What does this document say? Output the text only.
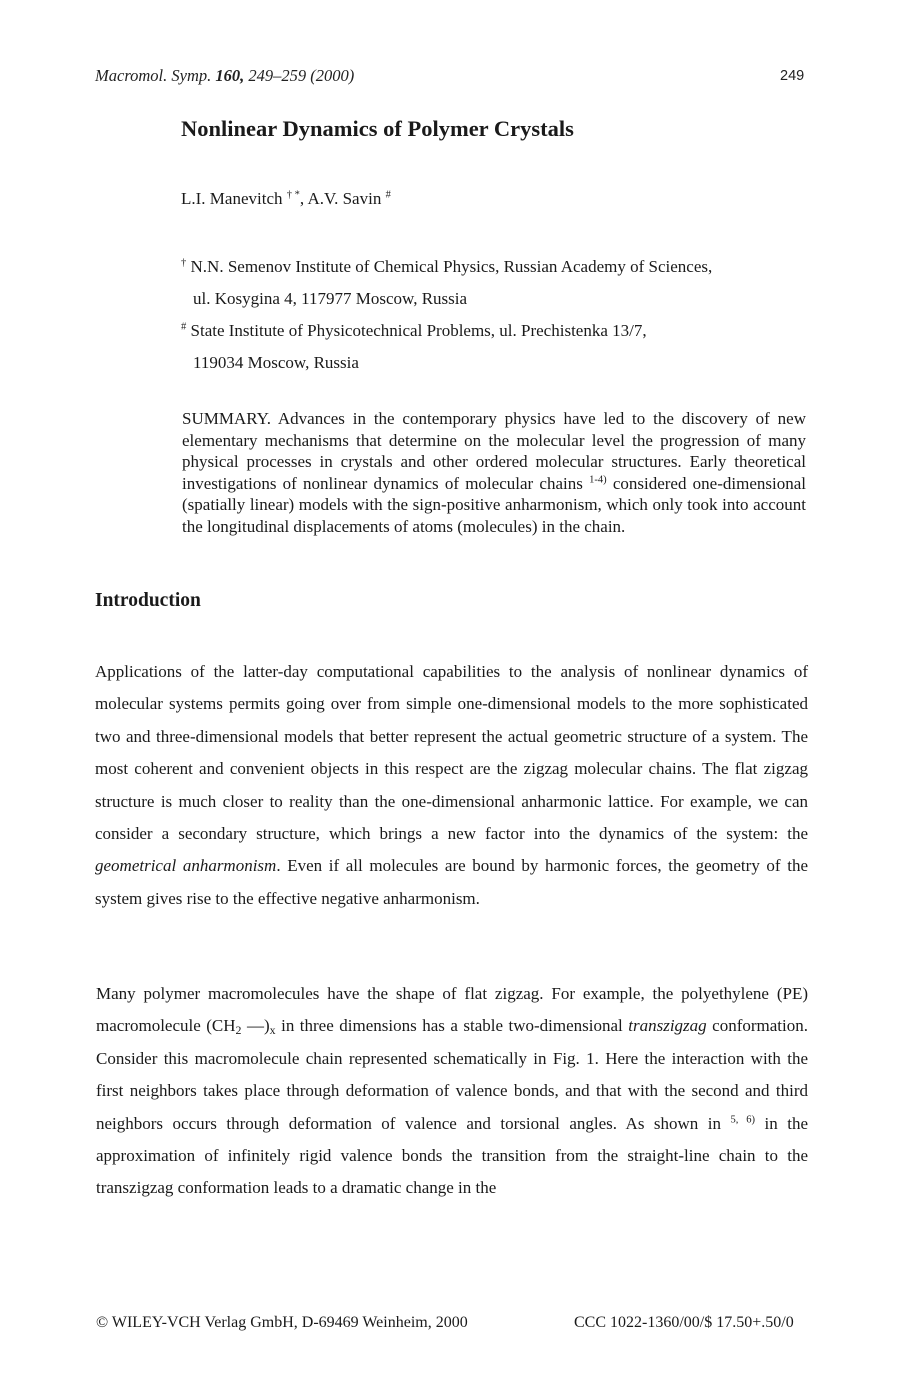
Macromol. Symp. 160, 249–259 (2000)	249
Nonlinear Dynamics of Polymer Crystals
L.I. Manevitch † *, A.V. Savin #
† N.N. Semenov Institute of Chemical Physics, Russian Academy of Sciences,
ul. Kosygina 4, 117977 Moscow, Russia
# State Institute of Physicotechnical Problems, ul. Prechistenka 13/7,
119034 Moscow, Russia
SUMMARY. Advances in the contemporary physics have led to the discovery of new elementary mechanisms that determine on the molecular level the progression of many physical processes in crystals and other ordered molecular structures. Early theoretical investigations of nonlinear dynamics of molecular chains $^{1-4)}$ considered one-dimensional (spatially linear) models with the sign-positive anharmonism, which only took into account the longitudinal displacements of atoms (molecules) in the chain.
Introduction
Applications of the latter-day computational capabilities to the analysis of nonlinear dynamics of molecular systems permits going over from simple one-dimensional models to the more sophisticated two and three-dimensional models that better represent the actual geometric structure of a system. The most coherent and convenient objects in this respect are the zigzag molecular chains. The flat zigzag structure is much closer to reality than the one-dimensional anharmonic lattice. For example, we can consider a secondary structure, which brings a new factor into the dynamics of the system: the geometrical anharmonism. Even if all molecules are bound by harmonic forces, the geometry of the system gives rise to the effective negative anharmonism.
Many polymer macromolecules have the shape of flat zigzag. For example, the polyethylene (PE) macromolecule ($CH_2$ $—)_x$ in three dimensions has a stable two-dimensional transzigzag conformation. Consider this macromolecule chain represented schematically in Fig. 1. Here the interaction with the first neighbors takes place through deformation of valence bonds, and that with the second and third neighbors occurs through deformation of valence and torsional angles. As shown in $^{5, 6)}$ in the approximation of infinitely rigid valence bonds the transition from the straight-line chain to the transzigzag conformation leads to a dramatic change in the
© WILEY-VCH Verlag GmbH, D-69469 Weinheim, 2000	CCC 1022-1360/00/$ 17.50+.50/0
